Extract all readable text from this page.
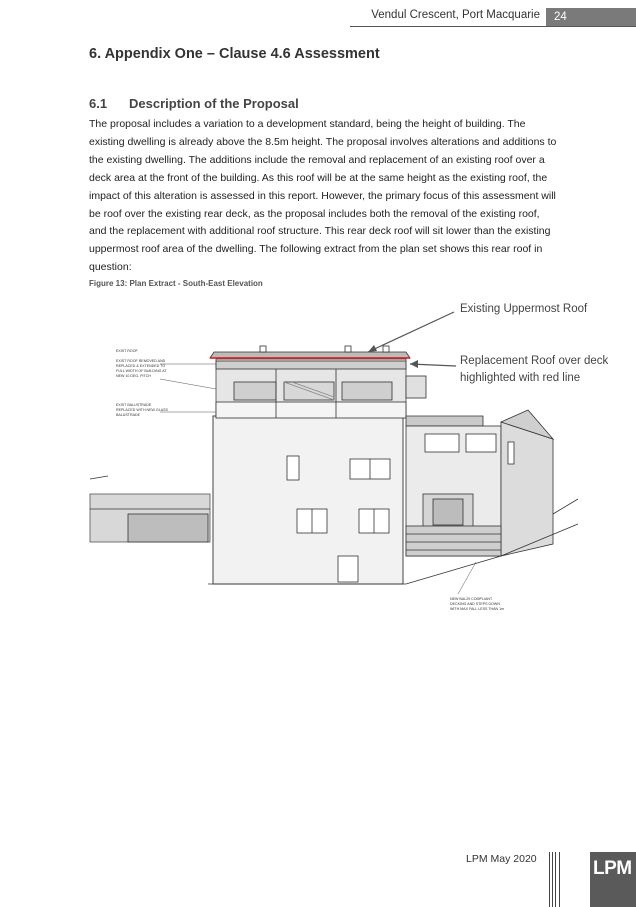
Vendul Crescent, Port Macquarie	24
6. Appendix One – Clause 4.6 Assessment
6.1 Description of the Proposal
The proposal includes a variation to a development standard, being the height of building. The existing dwelling is already above the 8.5m height. The proposal involves alterations and additions to the existing dwelling. The additions include the removal and replacement of an existing roof over a deck area at the front of the building. As this roof will be at the same height as the existing roof, the impact of this alteration is assessed in this report. However, the primary focus of this assessment will be roof over the existing rear deck, as the proposal includes both the removal of the existing roof, and the replacement with additional roof structure. This rear deck roof will sit lower than the existing uppermost roof area of the dwelling. The following extract from the plan set shows this rear roof in question:
Figure 13: Plan Extract - South-East Elevation
Existing Uppermost Roof
Replacement Roof over deck
highlighted with red line
EXIST ROOF
EXIST ROOF REMOVED AND
REPLACED & EXTENDED TO
FULL WIDTH OF BUILDING AT
NEW 10 DEG. PITCH
EXIST BALUSTRADE
REPLACED WITH NEW GLASS
BALUSTRADE
NEW BAL29 COMPLIANT
DECKING AND STEPS DOWN
WITH MAX FALL LESS THAN 1m
LPM May 2020	LPM
